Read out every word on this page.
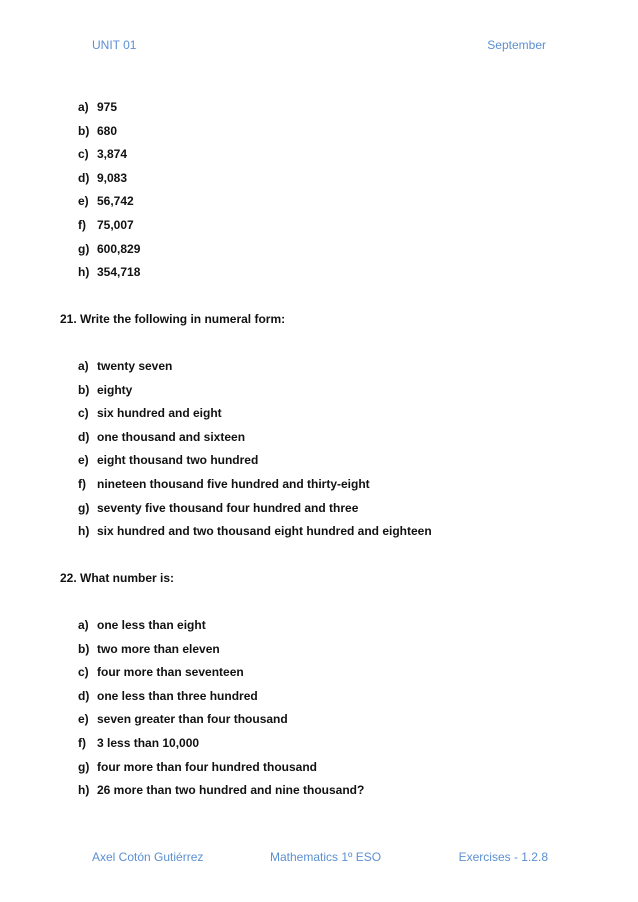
UNIT 01	September
a) 975
b) 680
c) 3,874
d) 9,083
e) 56,742
f) 75,007
g) 600,829
h) 354,718
21. Write the following in numeral form:
a) twenty seven
b) eighty
c) six hundred and eight
d) one thousand and sixteen
e) eight thousand two hundred
f) nineteen thousand five hundred and thirty-eight
g) seventy five thousand four hundred and three
h) six hundred and two thousand eight hundred and eighteen
22. What number is:
a) one less than eight
b) two more than eleven
c) four more than seventeen
d) one less than three hundred
e) seven greater than four thousand
f) 3 less than 10,000
g) four more than four hundred thousand
h) 26 more than two hundred and nine thousand?
Axel Cotón Gutiérrez	Mathematics 1º ESO	Exercises - 1.2.8
